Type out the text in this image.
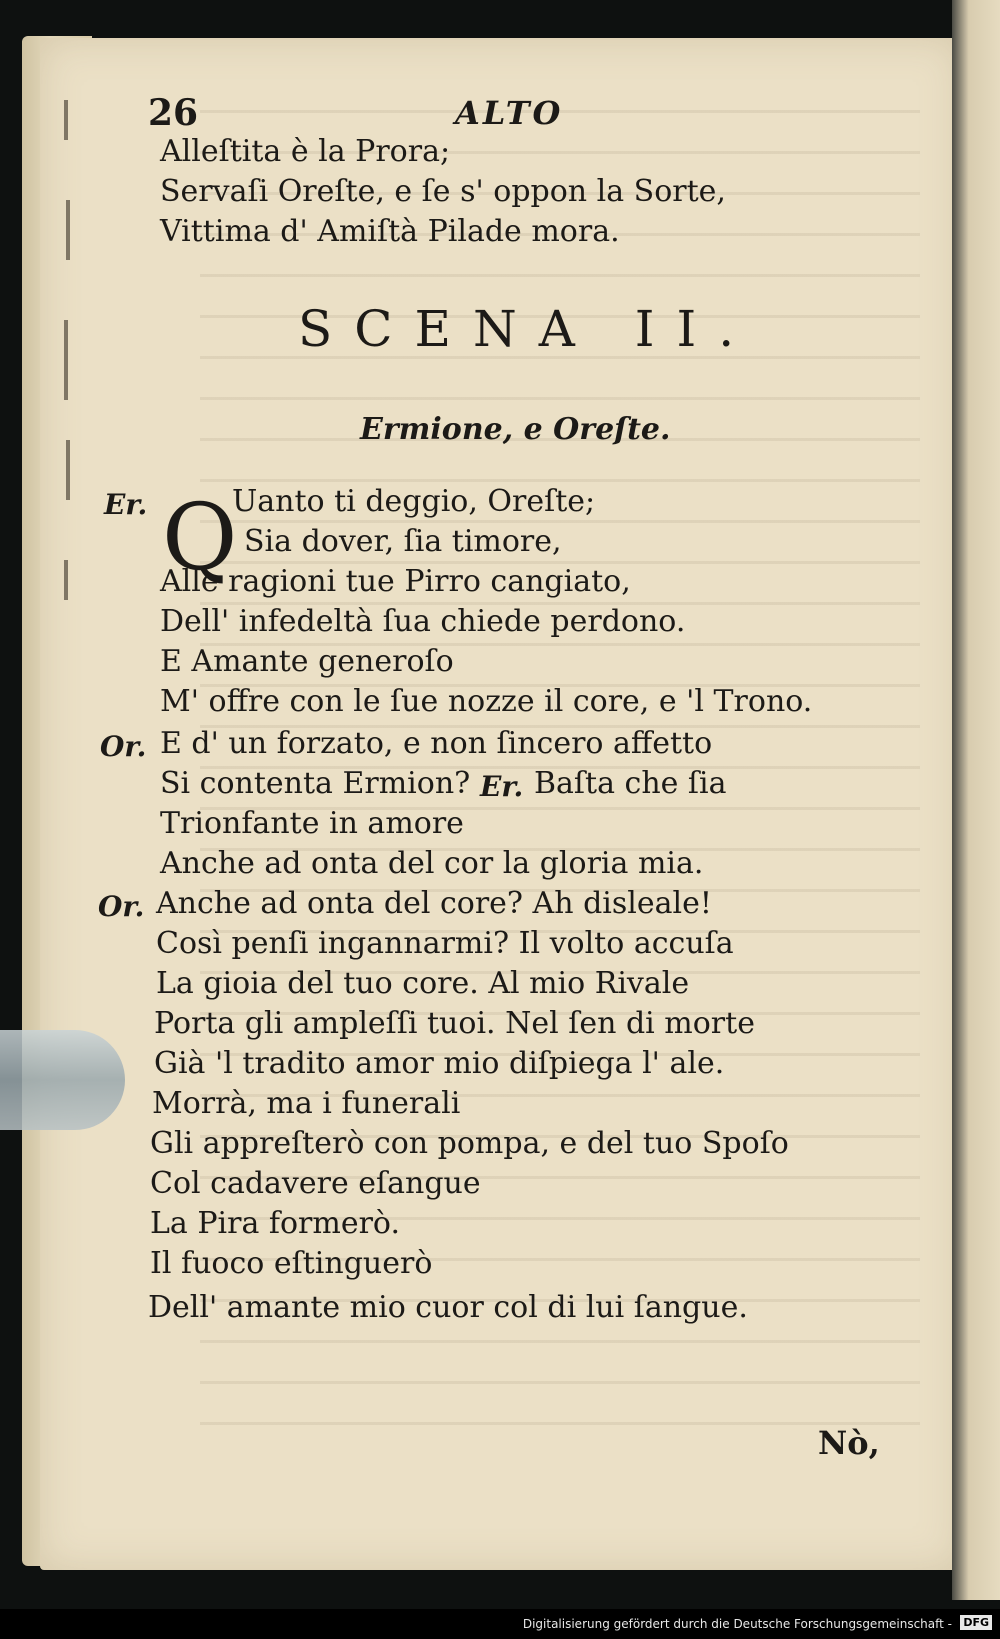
26	ALTO
Alleſtita è la Prora;
Servaſi Oreſte, e ſe s' oppon la Sorte,
Vittima d' Amiſtà Pilade mora.
SCENA II.
Ermione, e Oreſte.
Er. Q
Uanto ti deggio, Oreſte;
Sia dover, ſia timore,
Alle ragioni tue Pirro cangiato,
Dell' infedeltà ſua chiede perdono.
E Amante generoſo
M' offre con le ſue nozze il core, e 'l Trono.
Or. E d' un forzato, e non ſincero affetto
Si contenta Ermion? Er. Baſta che ſia
Trionfante in amore
Anche ad onta del cor la gloria mia.
Or. Anche ad onta del core? Ah disleale!
Così penſi ingannarmi? Il volto accuſa
La gioia del tuo core. Al mio Rivale
Porta gli ampleſſi tuoi. Nel ſen di morte
Già 'l tradito amor mio diſpiega l' ale.
Morrà, ma i funerali
Gli appreſterò con pompa, e del tuo Spoſo
Col cadavere eſangue
La Pira formerò.
Il fuoco eſtinguerò
Dell' amante mio cuor col di lui ſangue.
Nò,
Digitalisierung gefördert durch die Deutsche Forschungsgemeinschaft - DFG
